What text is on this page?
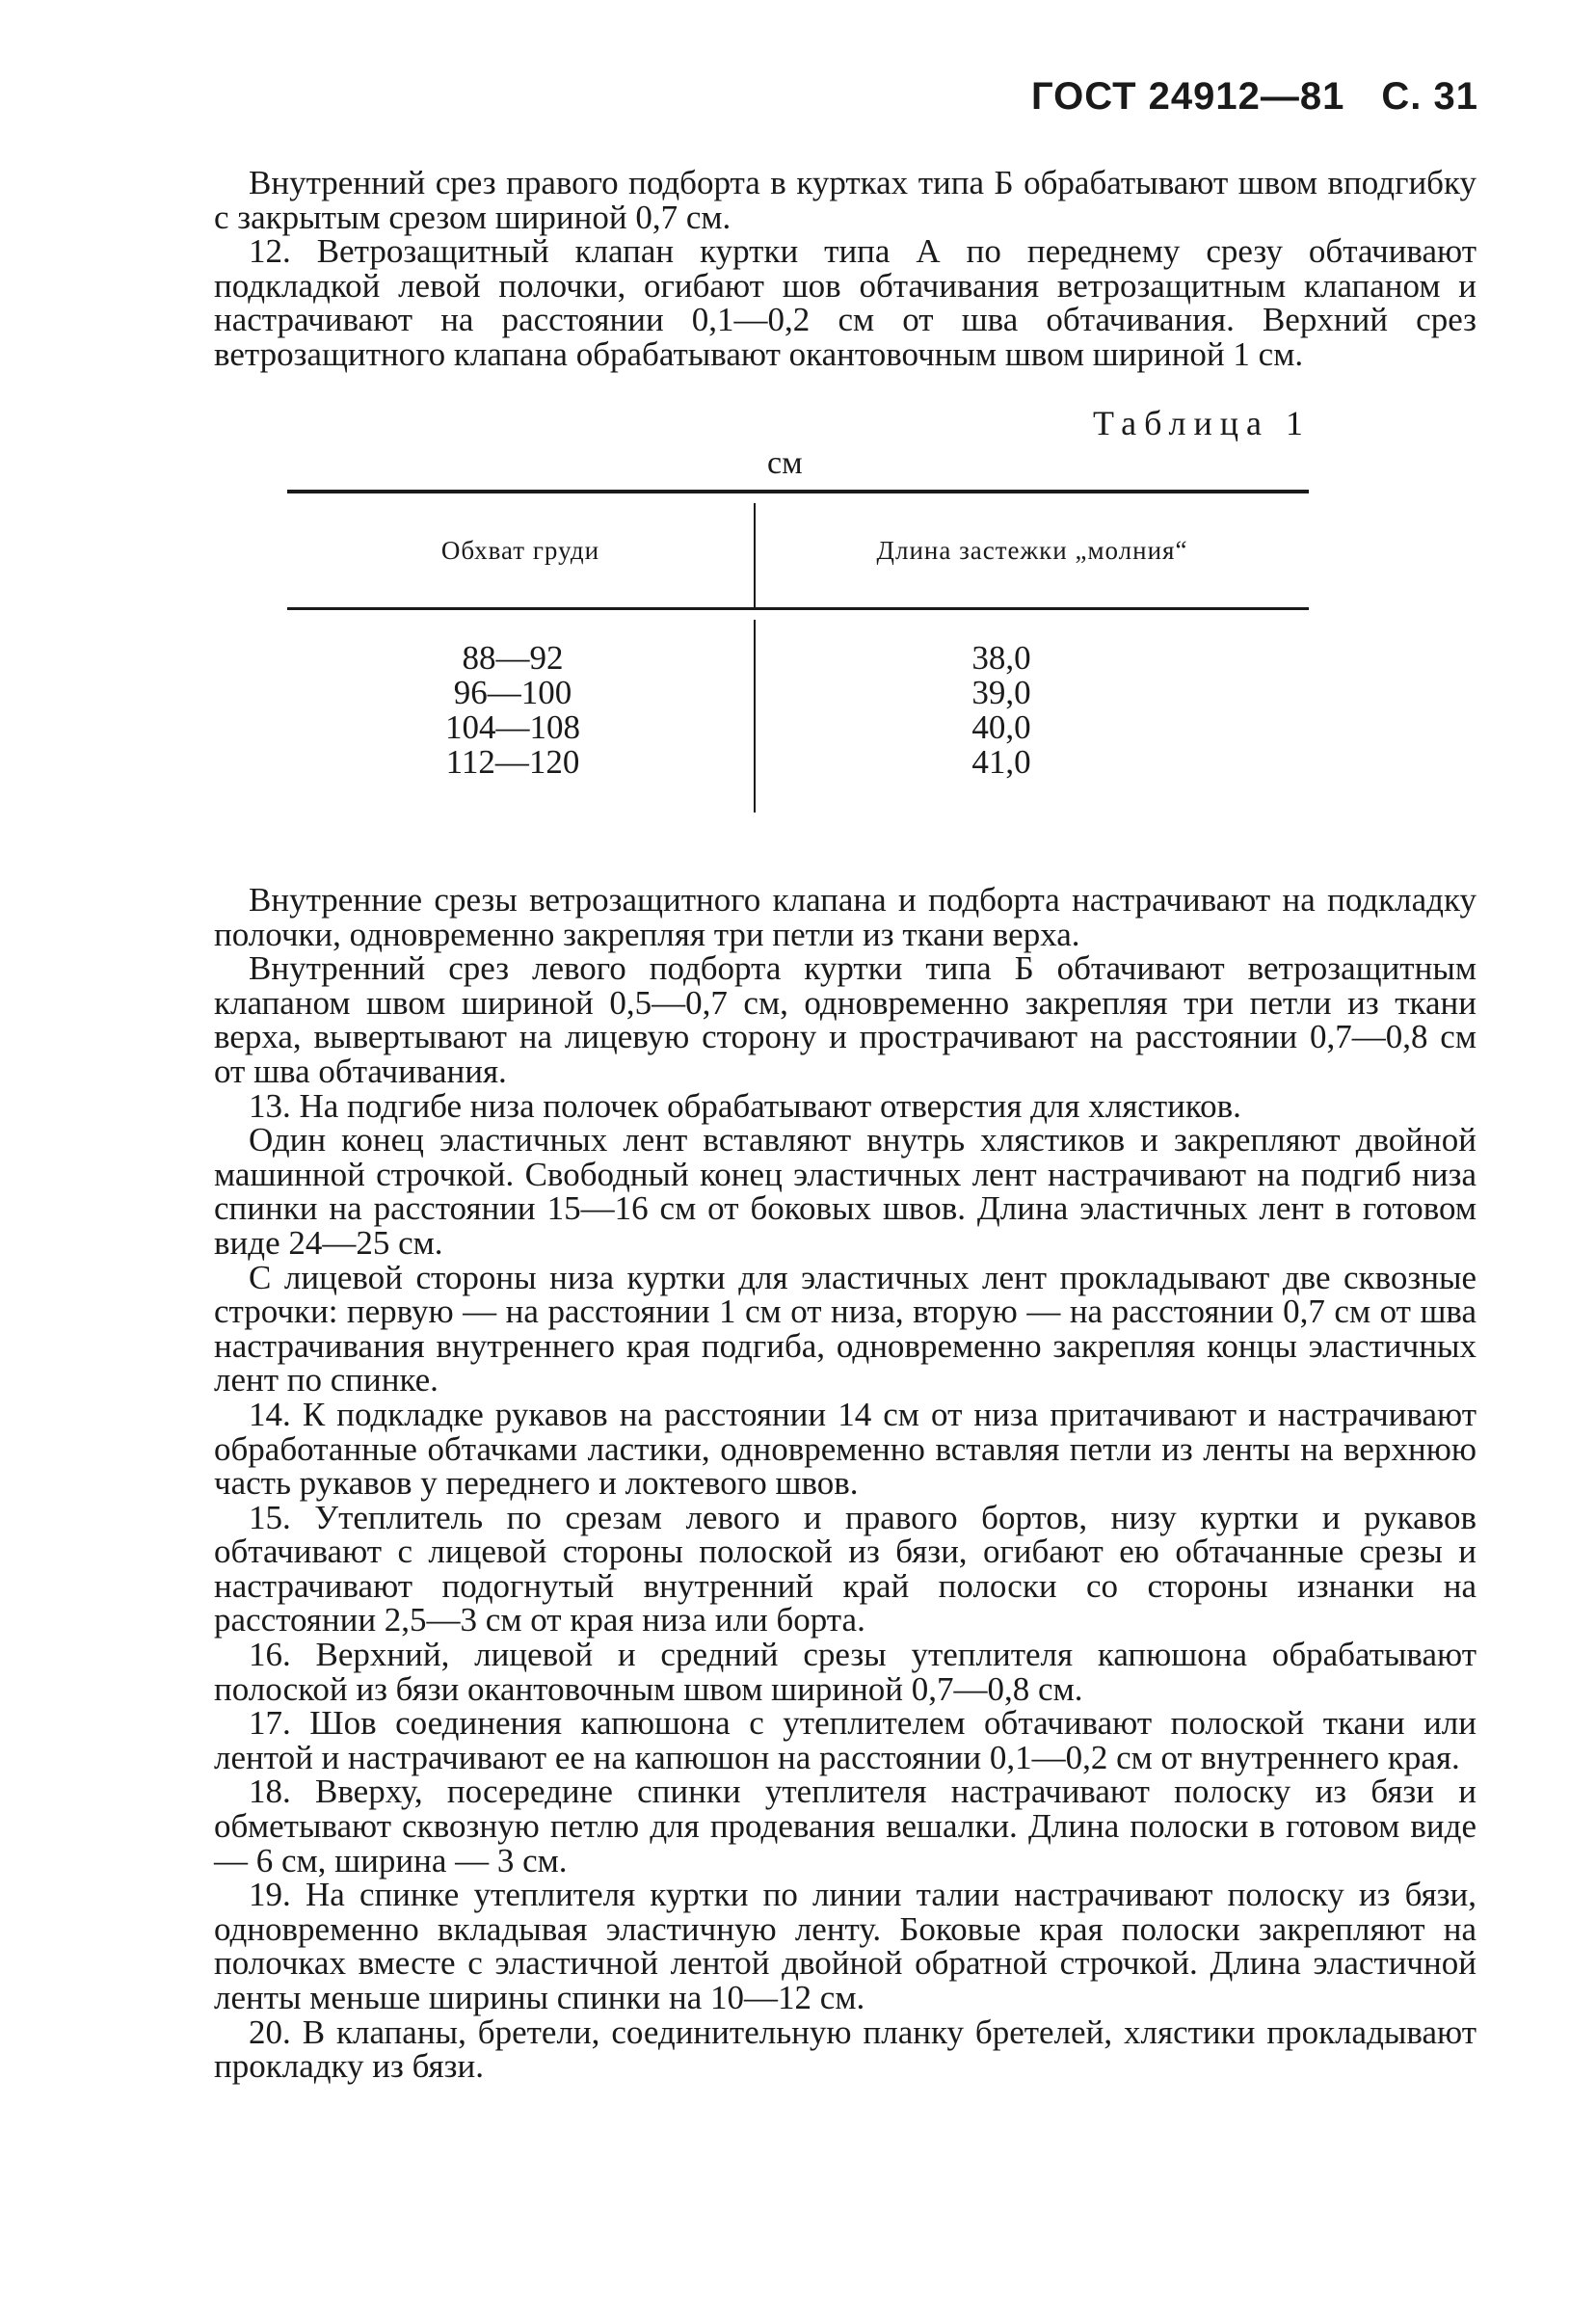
ГОСТ 24912—81 С. 31

Внутренний срез правого подборта в куртках типа Б обрабатывают швом вподгибку с закрытым срезом шириной 0,7 см.

12. Ветрозащитный клапан куртки типа А по переднему срезу обтачивают подкладкой левой полочки, огибают шов обтачивания ветрозащитным клапаном и настрачивают на расстоянии 0,1—0,2 см от шва обтачивания. Верхний срез ветрозащитного клапана обрабатывают окантовочным швом шириной 1 см.

Таблица 1
см
Обхват груди	Длина застежки „молния“
88—92
96—100
104—108
112—120
38,0
39,0
40,0
41,0

Внутренние срезы ветрозащитного клапана и подборта настрачивают на подкладку полочки, одновременно закрепляя три петли из ткани верха.

Внутренний срез левого подборта куртки типа Б обтачивают ветрозащитным клапаном швом шириной 0,5—0,7 см, одновременно закрепляя три петли из ткани верха, вывертывают на лицевую сторону и прострачивают на расстоянии 0,7—0,8 см от шва обтачивания.

13. На подгибе низа полочек обрабатывают отверстия для хлястиков.

Один конец эластичных лент вставляют внутрь хлястиков и закрепляют двойной машинной строчкой. Свободный конец эластичных лент настрачивают на подгиб низа спинки на расстоянии 15—16 см от боковых швов. Длина эластичных лент в готовом виде 24—25 см.

С лицевой стороны низа куртки для эластичных лент прокладывают две сквозные строчки: первую — на расстоянии 1 см от низа, вторую — на расстоянии 0,7 см от шва настрачивания внутреннего края подгиба, одновременно закрепляя концы эластичных лент по спинке.

14. К подкладке рукавов на расстоянии 14 см от низа притачивают и настрачивают обработанные обтачками ластики, одновременно вставляя петли из ленты на верхнюю часть рукавов у переднего и локтевого швов.

15. Утеплитель по срезам левого и правого бортов, низу куртки и рукавов обтачивают с лицевой стороны полоской из бязи, огибают ею обтачанные срезы и настрачивают подогнутый внутренний край полоски со стороны изнанки на расстоянии 2,5—3 см от края низа или борта.

16. Верхний, лицевой и средний срезы утеплителя капюшона обрабатывают полоской из бязи окантовочным швом шириной 0,7—0,8 см.

17. Шов соединения капюшона с утеплителем обтачивают полоской ткани или лентой и настрачивают ее на капюшон на расстоянии 0,1—0,2 см от внутреннего края.

18. Вверху, посередине спинки утеплителя настрачивают полоску из бязи и обметывают сквозную петлю для продевания вешалки. Длина полоски в готовом виде — 6 см, ширина — 3 см.

19. На спинке утеплителя куртки по линии талии настрачивают полоску из бязи, одновременно вкладывая эластичную ленту. Боковые края полоски закрепляют на полочках вместе с эластичной лентой двойной обратной строчкой. Длина эластичной ленты меньше ширины спинки на 10—12 см.

20. В клапаны, бретели, соединительную планку бретелей, хлястики прокладывают прокладку из бязи.
